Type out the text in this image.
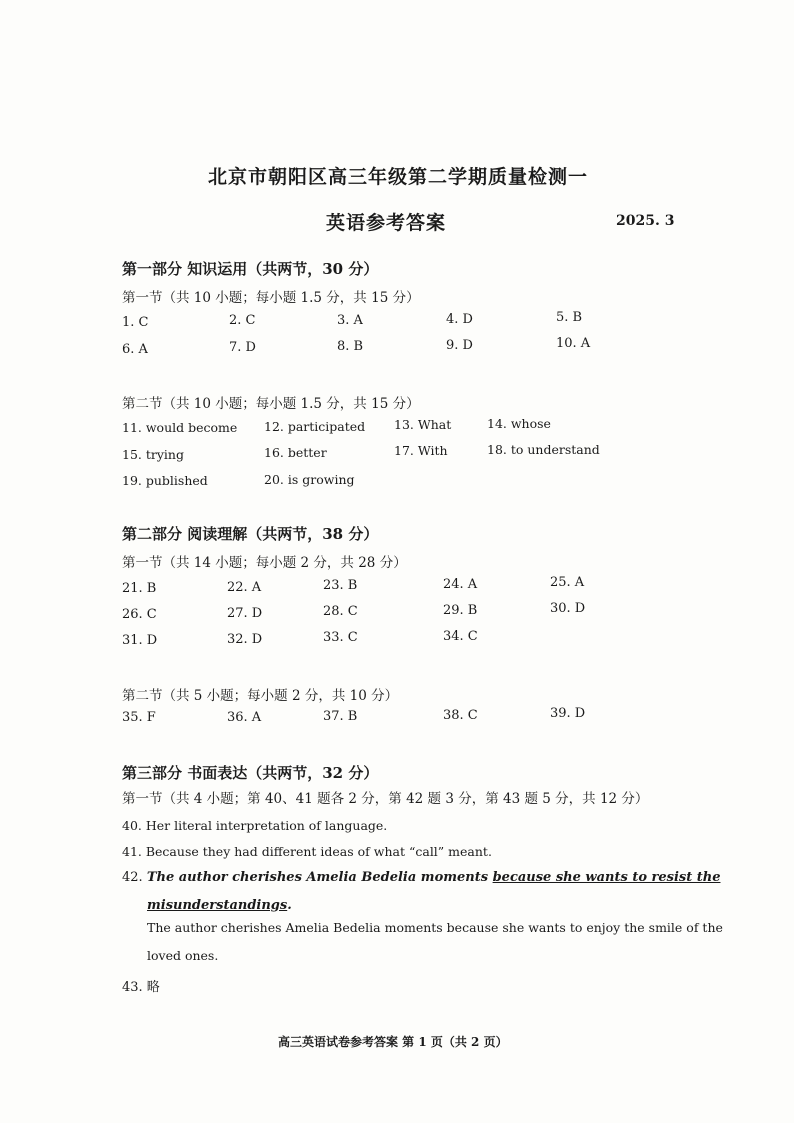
北京市朝阳区高三年级第二学期质量检测一
英语参考答案	2025. 3
第一部分 知识运用（共两节，30 分）
第一节（共 10 小题；每小题 1.5 分，共 15 分）
1. C	2. C	3. A	4. D	5. B
6. A	7. D	8. B	9. D	10. A
第二节（共 10 小题；每小题 1.5 分，共 15 分）
11. would become 12. participated 13. What	14. whose
15. trying	16. better	17. With	18. to understand
19. published	20. is growing
第二部分 阅读理解（共两节，38 分）
第一节（共 14 小题；每小题 2 分，共 28 分）
21. B	22. A	23. B	24. A	25. A
26. C	27. D	28. C	29. B	30. D
31. D	32. D	33. C	34. C
第二节（共 5 小题；每小题 2 分，共 10 分）
35. F	36. A	37. B	38. C	39. D
第三部分 书面表达（共两节，32 分）
第一节（共 4 小题；第 40、41 题各 2 分，第 42 题 3 分，第 43 题 5 分，共 12 分）
40. Her literal interpretation of language.
41. Because they had different ideas of what “call” meant.
42. The author cherishes Amelia Bedelia moments because she wants to resist the
misunderstandings.
The author cherishes Amelia Bedelia moments because she wants to enjoy the smile of the
loved ones.
43. 略
高三英语试卷参考答案 第 1 页（共 2 页）
